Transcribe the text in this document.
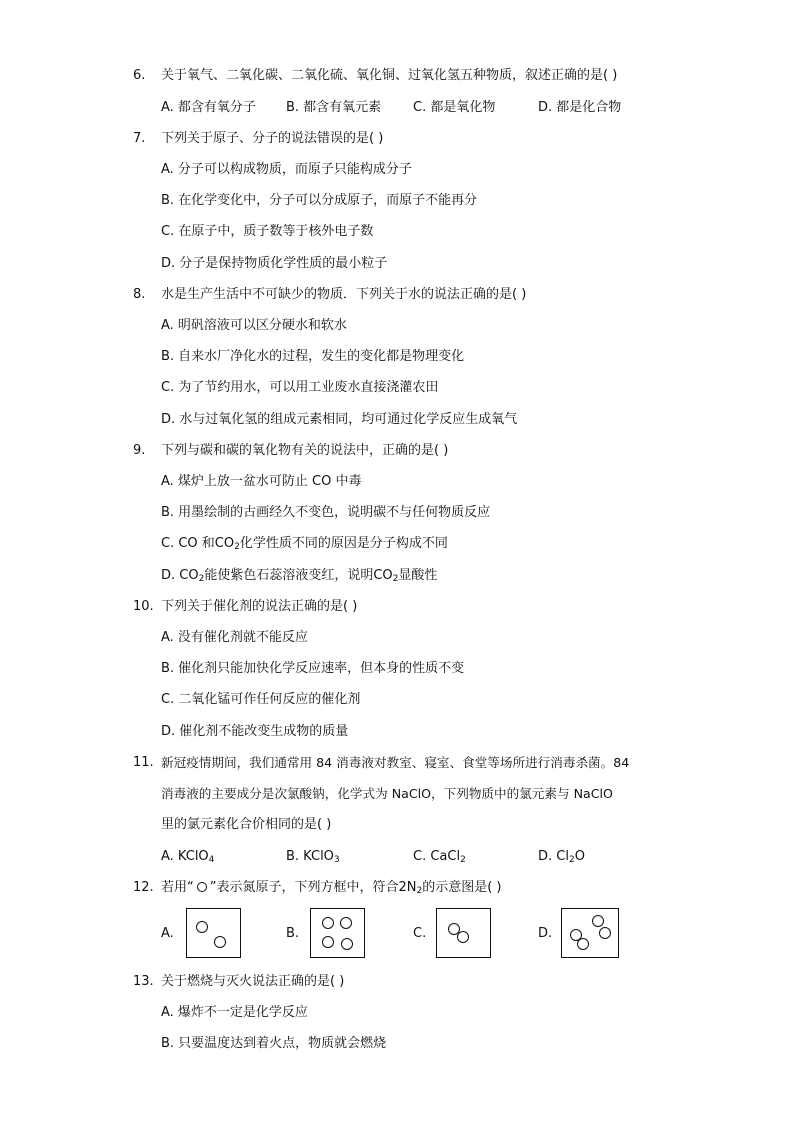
6. 关于氧气、二氧化碳、二氧化硫、氧化铜、过氧化氢五种物质，叙述正确的是( )
A. 都含有氧分子 B. 都含有氧元素 C. 都是氧化物	D. 都是化合物
7. 下列关于原子、分子的说法错误的是( )
A. 分子可以构成物质，而原子只能构成分子
B. 在化学变化中，分子可以分成原子，而原子不能再分
C. 在原子中，质子数等于核外电子数
D. 分子是保持物质化学性质的最小粒子
8. 水是生产生活中不可缺少的物质．下列关于水的说法正确的是( )
A. 明矾溶液可以区分硬水和软水
B. 自来水厂净化水的过程，发生的变化都是物理变化
C. 为了节约用水，可以用工业废水直接浇灌农田
D. 水与过氧化氢的组成元素相同，均可通过化学反应生成氧气
9. 下列与碳和碳的氧化物有关的说法中，正确的是( )
A. 煤炉上放一盆水可防止 CO 中毒
B. 用墨绘制的古画经久不变色，说明碳不与任何物质反应
C. CO 和$CO_2$化学性质不同的原因是分子构成不同
D. $CO_2$能使紫色石蕊溶液变红，说明$CO_2$显酸性
10. 下列关于催化剂的说法正确的是( )
A. 没有催化剂就不能反应
B. 催化剂只能加快化学反应速率，但本身的性质不变
C. 二氧化锰可作任何反应的催化剂
D. 催化剂不能改变生成物的质量
11. 新冠疫情期间，我们通常用 84 消毒液对教室、寝室、食堂等场所进行消毒杀菌。84
消毒液的主要成分是次氯酸钠，化学式为 NaClO，下列物质中的氯元素与 NaClO
里的氯元素化合价相同的是( )
A. KClO$_4$	B. KClO$_3$	C. CaCl$_2$	D. $Cl_2O$
12. 若用“ ”表示氮原子，下列方框中，符合$2N_2$的示意图是( )
A.	B.	C.	D.
13. 关于燃烧与灭火说法正确的是( )
A. 爆炸不一定是化学反应
B. 只要温度达到着火点，物质就会燃烧
